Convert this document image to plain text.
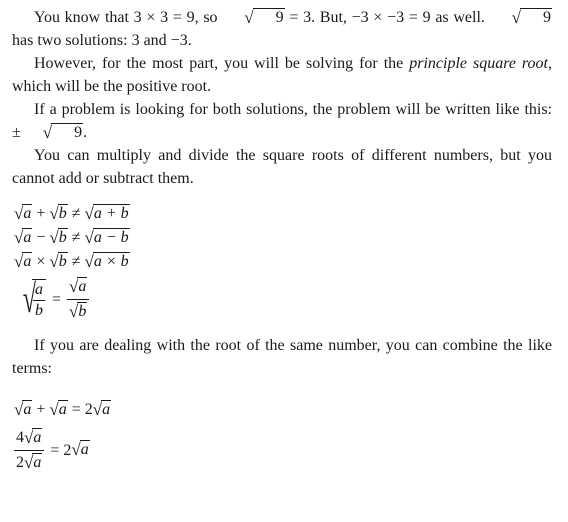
You know that 3 × 3 = 9, so	√	9 = 3. But, −3 × −3 = 9 as well.	√	9
has two solutions: 3 and −3.

However, for the most part, you will be solving for the principle square root, which will be the positive root.

If a problem is looking for both solutions, the problem will be written like this: ±	√	9 .

You can multiply and divide the square roots of different numbers, but you cannot add or subtract them.

√ a + √ b ≠ √ a + b
√ a − √ b ≠ √ a − b
√ a × √ b ≠ √ a × b
√
$\frac{a}{b} = \frac{√ a}{√ b}$

If you are dealing with the root of the same number, you can combine the like terms:

√ a + √ a = 2 √ a
$\frac{4 √ a}{2 √ a} = 2$ √ a
